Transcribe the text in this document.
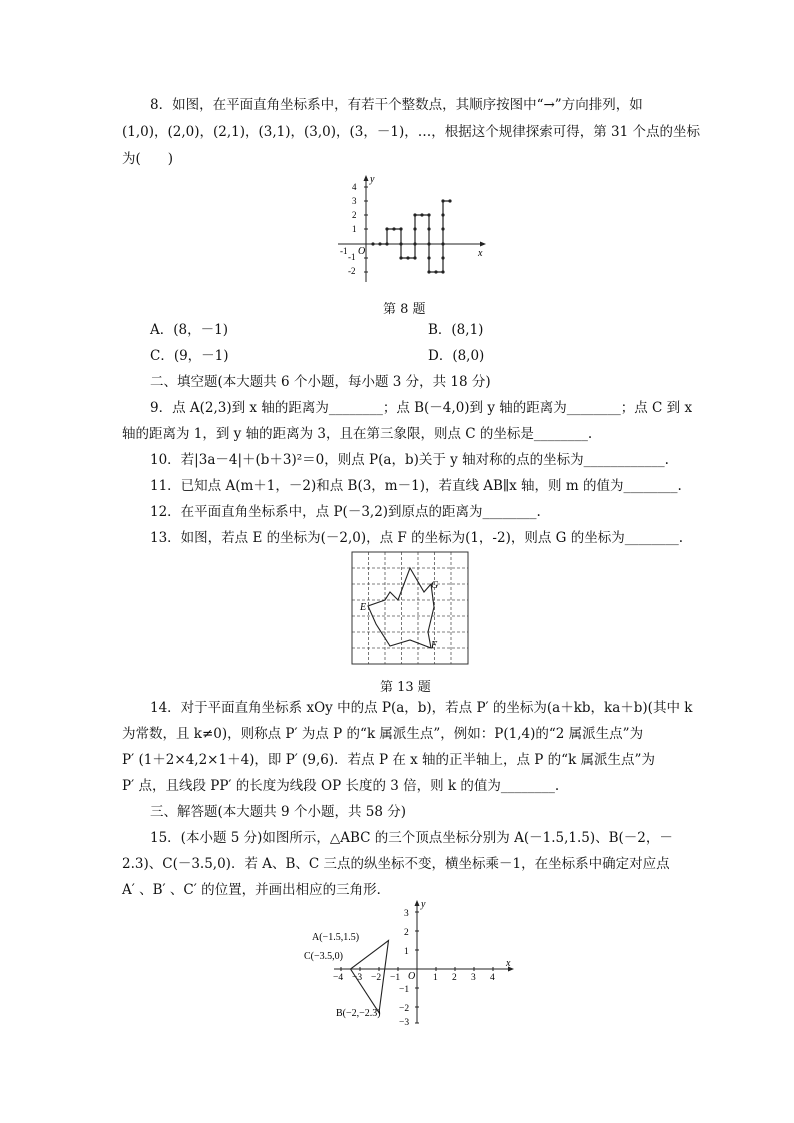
8．如图，在平面直角坐标系中，有若干个整数点，其顺序按图中“→”方向排列，如
(1,0)，(2,0)，(2,1)，(3,1)，(3,0)，(3，－1)，…，根据这个规律探索可得，第 31 个点的坐标
为(　　)
y
x
O
-1
4
3
2
1
-1
-2
第 8 题
A．(8，－1)	B．(8,1)
C．(9，－1)	D．(8,0)
二、填空题(本大题共 6 个小题，每小题 3 分，共 18 分)
9．点 A(2,3)到 x 轴的距离为________；点 B(－4,0)到 y 轴的距离为________；点 C 到 x
轴的距离为 1，到 y 轴的距离为 3，且在第三象限，则点 C 的坐标是________.
10．若|3a－4|＋(b＋3)²＝0，则点 P(a，b)关于 y 轴对称的点的坐标为____________.
11．已知点 A(m＋1，－2)和点 B(3，m－1)，若直线 AB∥x 轴，则 m 的值为________.
12．在平面直角坐标系中，点 P(－3,2)到原点的距离为________.
13．如图，若点 E 的坐标为(－2,0)，点 F 的坐标为(1，-2)，则点 G 的坐标为________.
G
E
F
第 13 题
14．对于平面直角坐标系 xOy 中的点 P(a，b)，若点 P′ 的坐标为(a＋kb，ka＋b)(其中 k
为常数，且 k≠0)，则称点 P′ 为点 P 的“k 属派生点”，例如：P(1,4)的“2 属派生点”为
P′ (1＋2×4,2×1＋4)，即 P′ (9,6)．若点 P 在 x 轴的正半轴上，点 P 的“k 属派生点”为
P′ 点，且线段 PP′ 的长度为线段 OP 长度的 3 倍，则 k 的值为________.
三、解答题(本大题共 9 个小题，共 58 分)
15．(本小题 5 分)如图所示，△ABC 的三个顶点坐标分别为 A(－1.5,1.5)、B(－2，－
2.3)、C(－3.5,0)．若 A、B、C 三点的纵坐标不变，横坐标乘－1，在坐标系中确定对应点
A′ 、B′ 、C′ 的位置，并画出相应的三角形．
y
x
O
−4 −3 −2 −1	1 2 3 4
3
2
1
−1
−2
−3
A(−1.5,1.5)
C(−3.5,0)
B(−2,−2.3)
